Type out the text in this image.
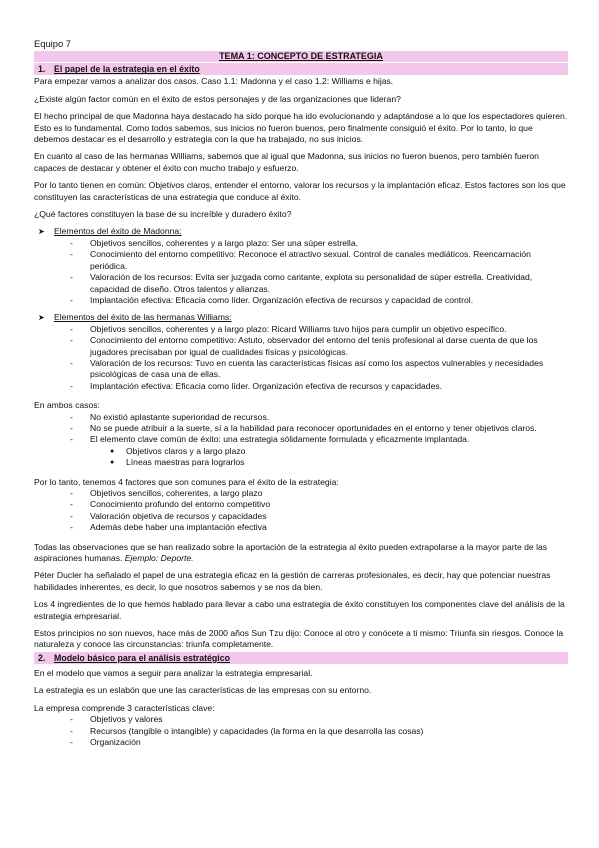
Equipo 7
TEMA 1: CONCEPTO DE ESTRATEGIA
1. El papel de la estrategia en el éxito

Para empezar vamos a analizar dos casos. Caso 1.1: Madonna y el caso 1.2: Williams e hijas.

¿Existe algún factor común en el éxito de estos personajes y de las organizaciones que lideran?

El hecho principal de que Madonna haya destacado ha sido porque ha ido evolucionando y adaptándose a lo que los espectadores quieren. Esto es lo fundamental. Como todos sabemos, sus inicios no fueron buenos, pero finalmente consiguió el éxito. Por lo tanto, lo que debemos destacar es el desarrollo y estrategia con la que ha trabajado, no sus inicios.

En cuanto al caso de las hermanas Williams, sabemos que al igual que Madonna, sus inicios no fueron buenos, pero también fueron capaces de destacar y obtener el éxito con mucho trabajo y esfuerzo.

Por lo tanto tienen en común: Objetivos claros, entender el entorno, valorar los recursos y la implantación eficaz. Estos factores son los que constituyen las características de una estrategia que conduce al éxito.

¿Qué factores constituyen la base de su increíble y duradero éxito?

➤ Elementos del éxito de Madonna:
- Objetivos sencillos, coherentes y a largo plazo: Ser una súper estrella.
- Conocimiento del entorno competitivo: Reconoce el atractivo sexual. Control de canales mediáticos. Reencarnación periódica.
- Valoración de los recursos: Evita ser juzgada como cantante, explota su personalidad de súper estrella. Creatividad, capacidad de diseño. Otros talentos y alianzas.
- Implantación efectiva: Eficacia como líder. Organización efectiva de recursos y capacidad de control.
➤ Elementos del éxito de las hermanas Williams:
- Objetivos sencillos, coherentes y a largo plazo: Ricard Williams tuvo hijos para cumplir un objetivo específico.
- Conocimiento del entorno competitivo: Astuto, observador del entorno del tenis profesional al darse cuenta de que los jugadores precisaban por igual de cualidades físicas y psicológicas.
- Valoración de los recursos: Tuvo en cuenta las características físicas así como los aspectos vulnerables y necesidades psicológicas de casa una de ellas.
- Implantación efectiva: Eficacia como líder. Organización efectiva de recursos y capacidades.

En ambos casos:

- No existió aplastante superioridad de recursos.
- No se puede atribuir a la suerte, sí a la habilidad para reconocer oportunidades en el entorno y tener objetivos claros.
- El elemento clave común de éxito: una estrategia sólidamente formulada y eficazmente implantada.
● Objetivos claros y a largo plazo
● Líneas maestras para lograrlos

Por lo tanto, tenemos 4 factores que son comunes para el éxito de la estrategia:

- Objetivos sencillos, coherentes, a largo plazo
- Conocimiento profundo del entorno competitivo
- Valoración objetiva de recursos y capacidades
- Además debe haber una implantación efectiva

Todas las observaciones que se han realizado sobre la aportación de la estrategia al éxito pueden extrapolarse a la mayor parte de las aspiraciones humanas. Ejemplo: Deporte.

Péter Ducler ha señalado el papel de una estrategia eficaz en la gestión de carreras profesionales, es decir, hay que potenciar nuestras habilidades inherentes, es decir, lo que nosotros sabemos y se nos da bien.

Los 4 ingredientes de lo que hemos hablado para llevar a cabo una estrategia de éxito constituyen los componentes clave del análisis de la estrategia empresarial.

Estos principios no son nuevos, hace más de 2000 años Sun Tzu dijo: Conoce al otro y conócete a ti mismo: Triunfa sin riesgos. Conoce la naturaleza y conoce las circunstancias: triunfa completamente.

2. Modelo básico para el análisis estratégico

En el modelo que vamos a seguir para analizar la estrategia empresarial.

La estrategia es un eslabón que une las características de las empresas con su entorno.

La empresa comprende 3 características clave:

- Objetivos y valores
- Recursos (tangible o intangible) y capacidades (la forma en la que desarrolla las cosas)
- Organización
